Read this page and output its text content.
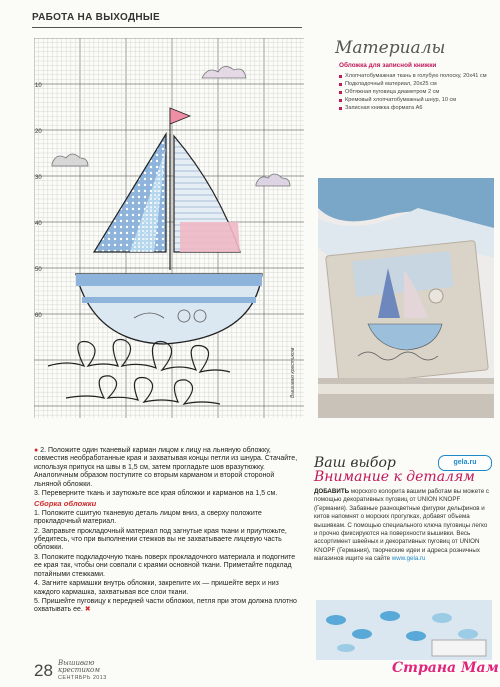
РАБОТА НА ВЫХОДНЫЕ
10
20
30
40
50
60
Вышиваю крестиком
Материалы
Обложка для записной книжки
Хлопчатобумажная ткань в голубую полоску, 20x41 см
Подкладочный материал, 20x25 см
Обтяжная пуговица диаметром 2 см
Кремовый хлопчатобумажный шнур, 10 см
Записная книжка формата А6

● 2. Положите один тканевый карман лицом к лицу на льняную обложку, совместив необработанные края и захватывая концы петли из шнура. Стачайте, используя припуск на швы в 1,5 см, затем прогладьте шов вразутюжку. Аналогичным образом поступите со вторым карманом и второй стороной льняной обложки.

3. Переверните ткань и заутюжьте все края обложки и карманов на 1,5 см.

Сборка обложки

1. Положите сшитую тканевую деталь лицом вниз, а сверху положите прокладочный материал.

2. Заправьте прокладочный материал под загнутые края ткани и приутюжьте, убедитесь, что при выполнении стежков вы не захватываете лицевую часть обложки.

3. Положите подкладочную ткань поверх прокладочного материала и подогните ее края так, чтобы они совпали с краями основной ткани. Приметайте подклад потайными стежками.

4. Загните кармашки внутрь обложки, закрепите их — пришейте верх и низ каждого кармашка, захватывая все слои ткани.

5. Пришейте пуговицу к передней части обложки, петля при этом должна плотно охватывать ее. ✖

gela.ru
Ваш выбор
Внимание к деталям
ДОБАВИТЬ морского колорита вашим работам вы можете с помощью декоративных пуговиц от UNION KNOPF (Германия). Забавные разноцветные фигурки дельфинов и китов напомнят о морских прогулках, добавят объема вышивкам. С помощью специального ключа пуговицы легко и прочно фиксируются на поверхности вышивки. Весь ассортимент швейных и декоративных пуговиц от UNION KNOPF (Германия), творческие идеи и адреса розничных магазинов ищите на сайте www.gela.ru
28 Вышиваю
крестиком
СЕНТЯБРЬ 2013
Страна Мам
